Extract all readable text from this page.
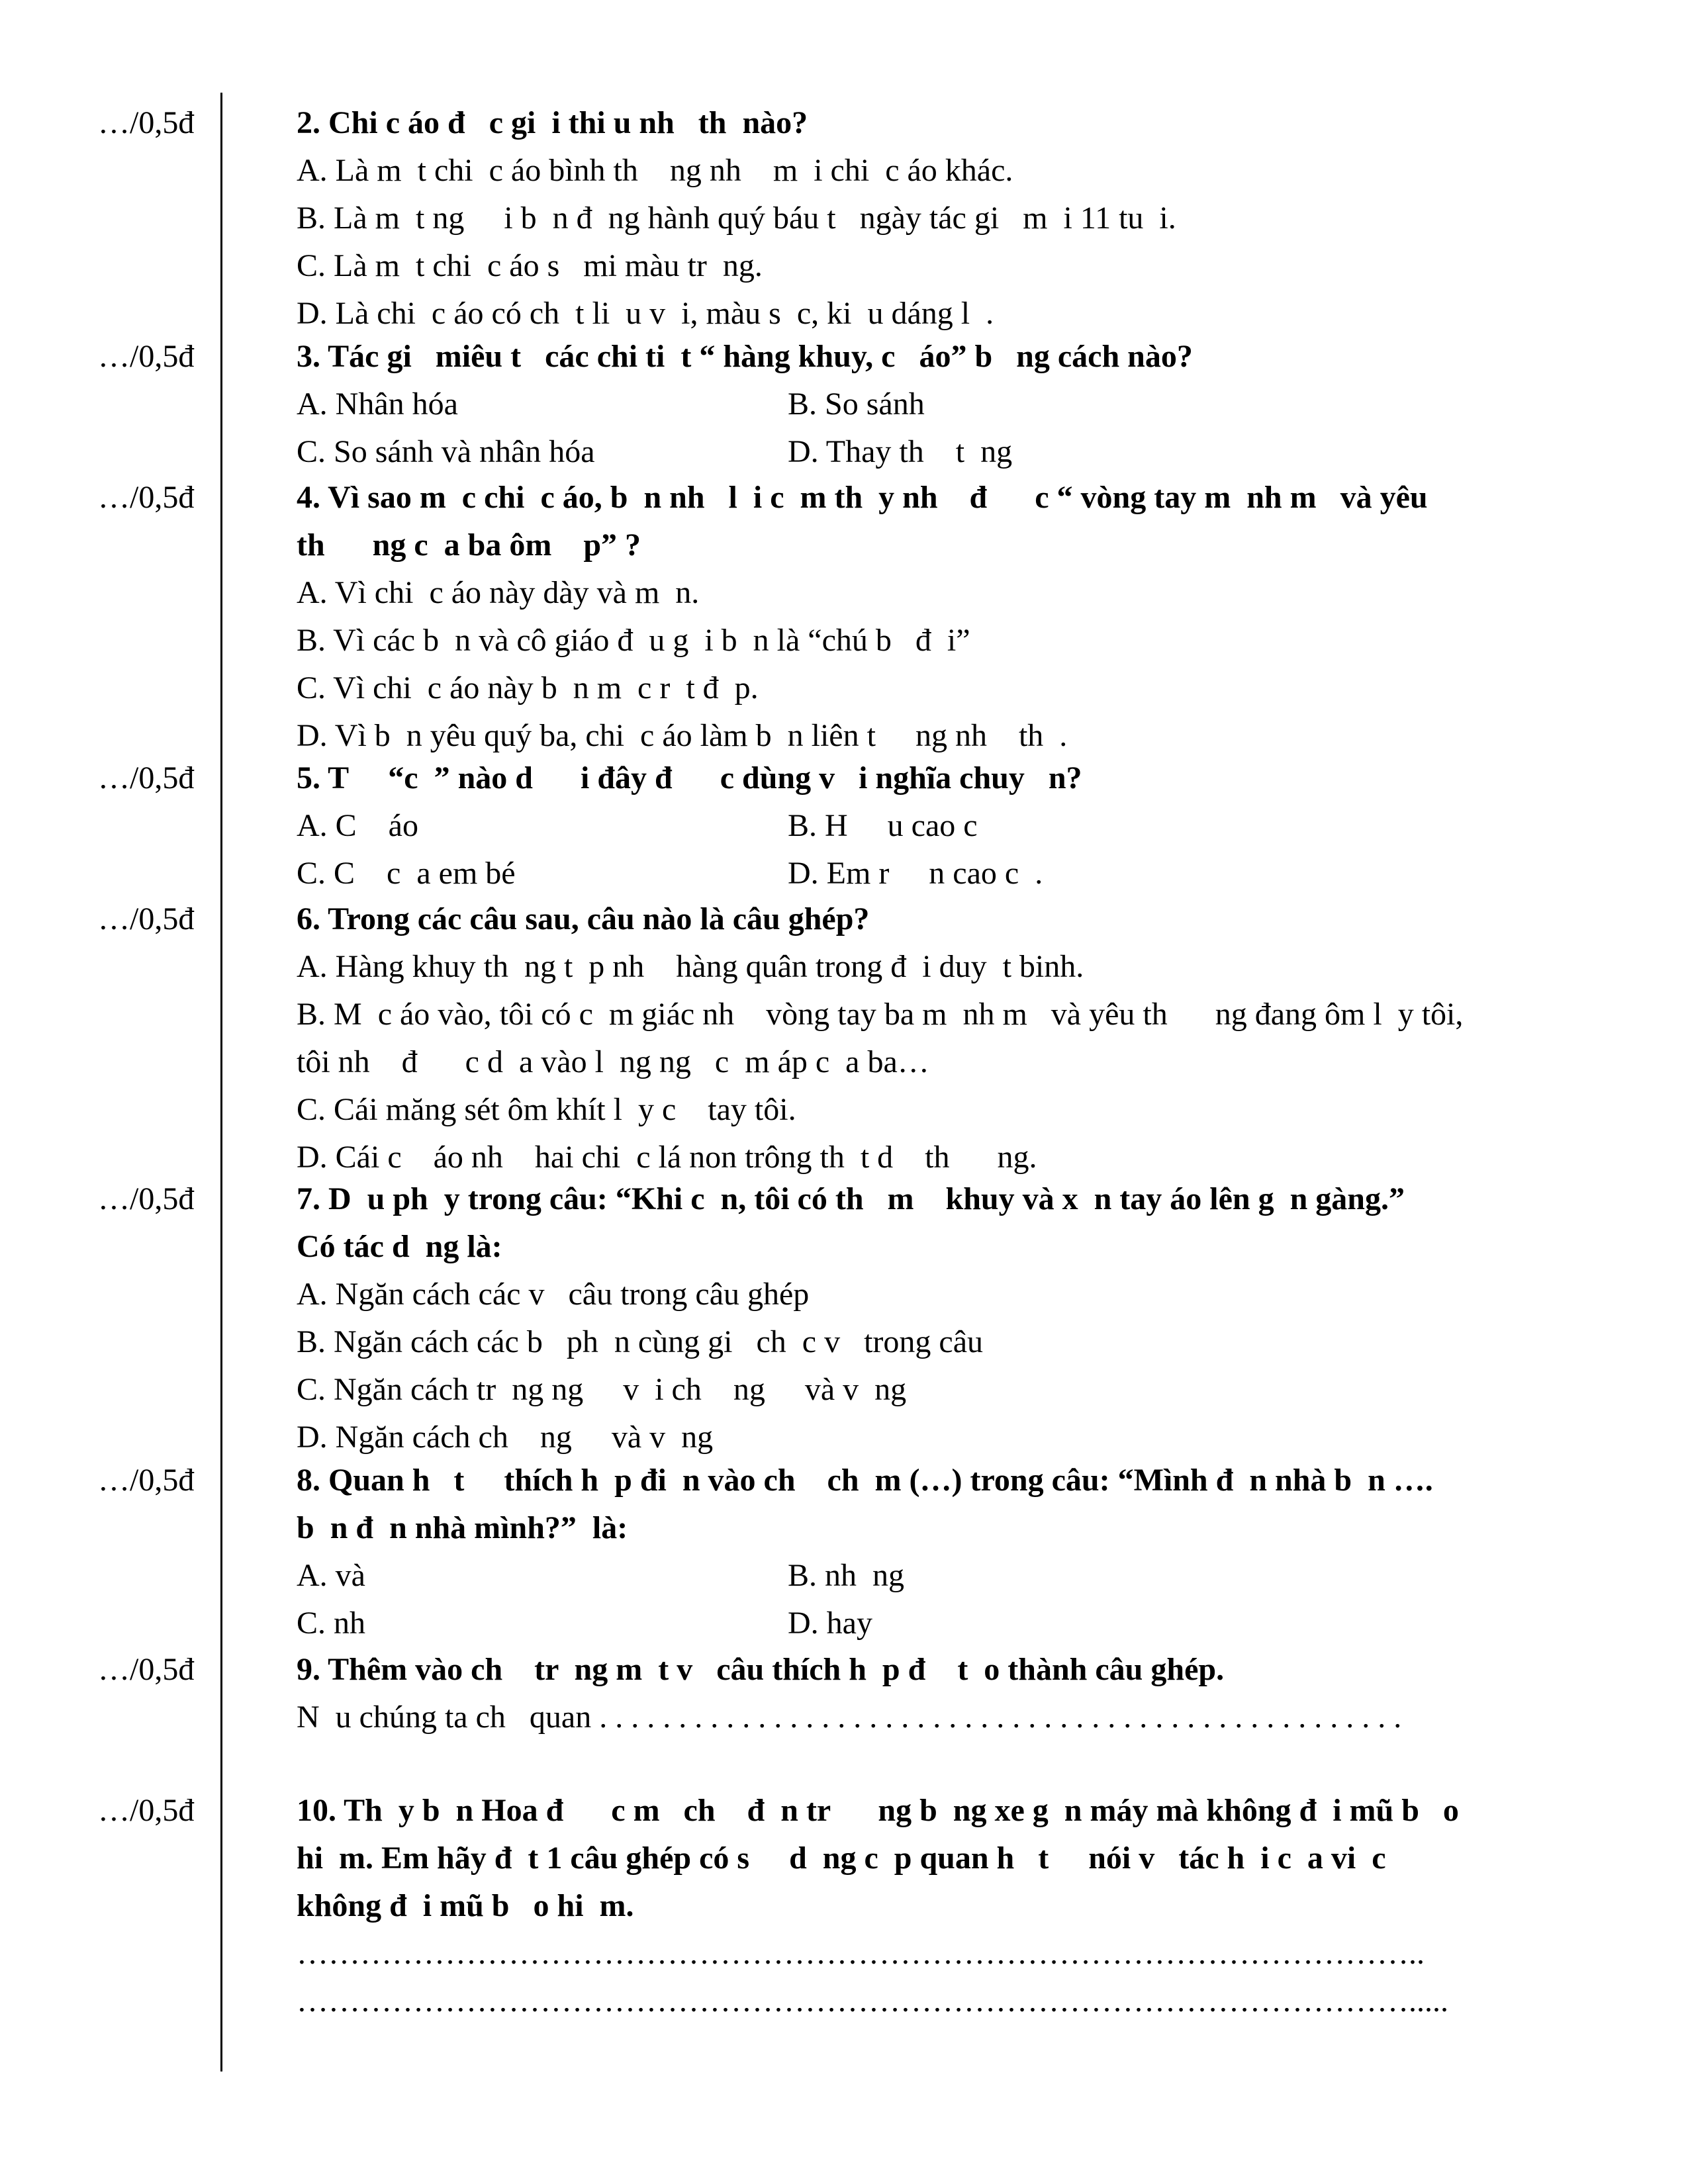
…/0,5đ	2. Chi c áo đ   c gi  i thi u nh   th  nào?
A. Là m  t chi  c áo bình th    ng nh    m  i chi  c áo khác.
B. Là m  t ng     i b  n đ  ng hành quý báu t   ngày tác gi   m  i 11 tu  i.
C. Là m  t chi  c áo s   mi màu tr  ng.
D. Là chi  c áo có ch  t li  u v  i, màu s  c, ki  u dáng l  .
…/0,5đ	3. Tác gi   miêu t   các chi ti  t “ hàng khuy, c   áo” b   ng cách nào?
A. Nhân hóa	B. So sánh
C. So sánh và nhân hóa	D. Thay th    t  ng
…/0,5đ	4. Vì sao m  c chi  c áo, b  n nh   l  i c  m th  y nh    đ      c “ vòng tay m  nh m   và yêu
th      ng c  a ba ôm    p” ?
A. Vì chi  c áo này dày và m  n.
B. Vì các b  n và cô giáo đ  u g  i b  n là “chú b   đ  i”
C. Vì chi  c áo này b  n m  c r  t đ  p.
D. Vì b  n yêu quý ba, chi  c áo làm b  n liên t     ng nh    th  .
…/0,5đ	5. T     “c  ” nào d      i đây đ      c dùng v   i nghĩa chuy   n?
A. C    áo	B. H     u cao c
C. C    c  a em bé	D. Em r     n cao c  .
…/0,5đ	6. Trong các câu sau, câu nào là câu ghép?
A. Hàng khuy th  ng t  p nh    hàng quân trong đ  i duy  t binh.
B. M  c áo vào, tôi có c  m giác nh    vòng tay ba m  nh m   và yêu th      ng đang ôm l  y tôi,
tôi nh    đ      c d  a vào l  ng ng   c  m áp c  a ba…
C. Cái măng sét ôm khít l  y c    tay tôi.
D. Cái c    áo nh    hai chi  c lá non trông th  t d    th      ng.
…/0,5đ	7. D  u ph  y trong câu: “Khi c  n, tôi có th   m    khuy và x  n tay áo lên g  n gàng.”
Có tác d  ng là:
A. Ngăn cách các v   câu trong câu ghép
B. Ngăn cách các b   ph  n cùng gi   ch  c v   trong câu
C. Ngăn cách tr  ng ng     v  i ch    ng     và v  ng
D. Ngăn cách ch    ng     và v  ng
…/0,5đ	8. Quan h   t     thích h  p đi  n vào ch    ch  m (…) trong câu: “Mình đ  n nhà b  n ….
b  n đ  n nhà mình?”  là:
A. và	B. nh  ng
C. nh	D. hay
…/0,5đ	9. Thêm vào ch    tr  ng m  t v   câu thích h  p đ    t  o thành câu ghép.
N  u chúng ta ch   quan . . . . . . . . . . . . . . . . . . . . . . . . . . . . . . . . . . . . . . . . . . . . . . . . . . .
…/0,5đ	10. Th  y b  n Hoa đ      c m   ch    đ  n tr      ng b  ng xe g  n máy mà không đ  i mũ b   o
hi  m. Em hãy đ  t 1 câu ghép có s     d  ng c  p quan h   t     nói v   tác h  i c  a vi  c
không đ  i mũ b   o hi  m.
……………………………………………………………………………………………..
…………………………………………………………………………………………….....
